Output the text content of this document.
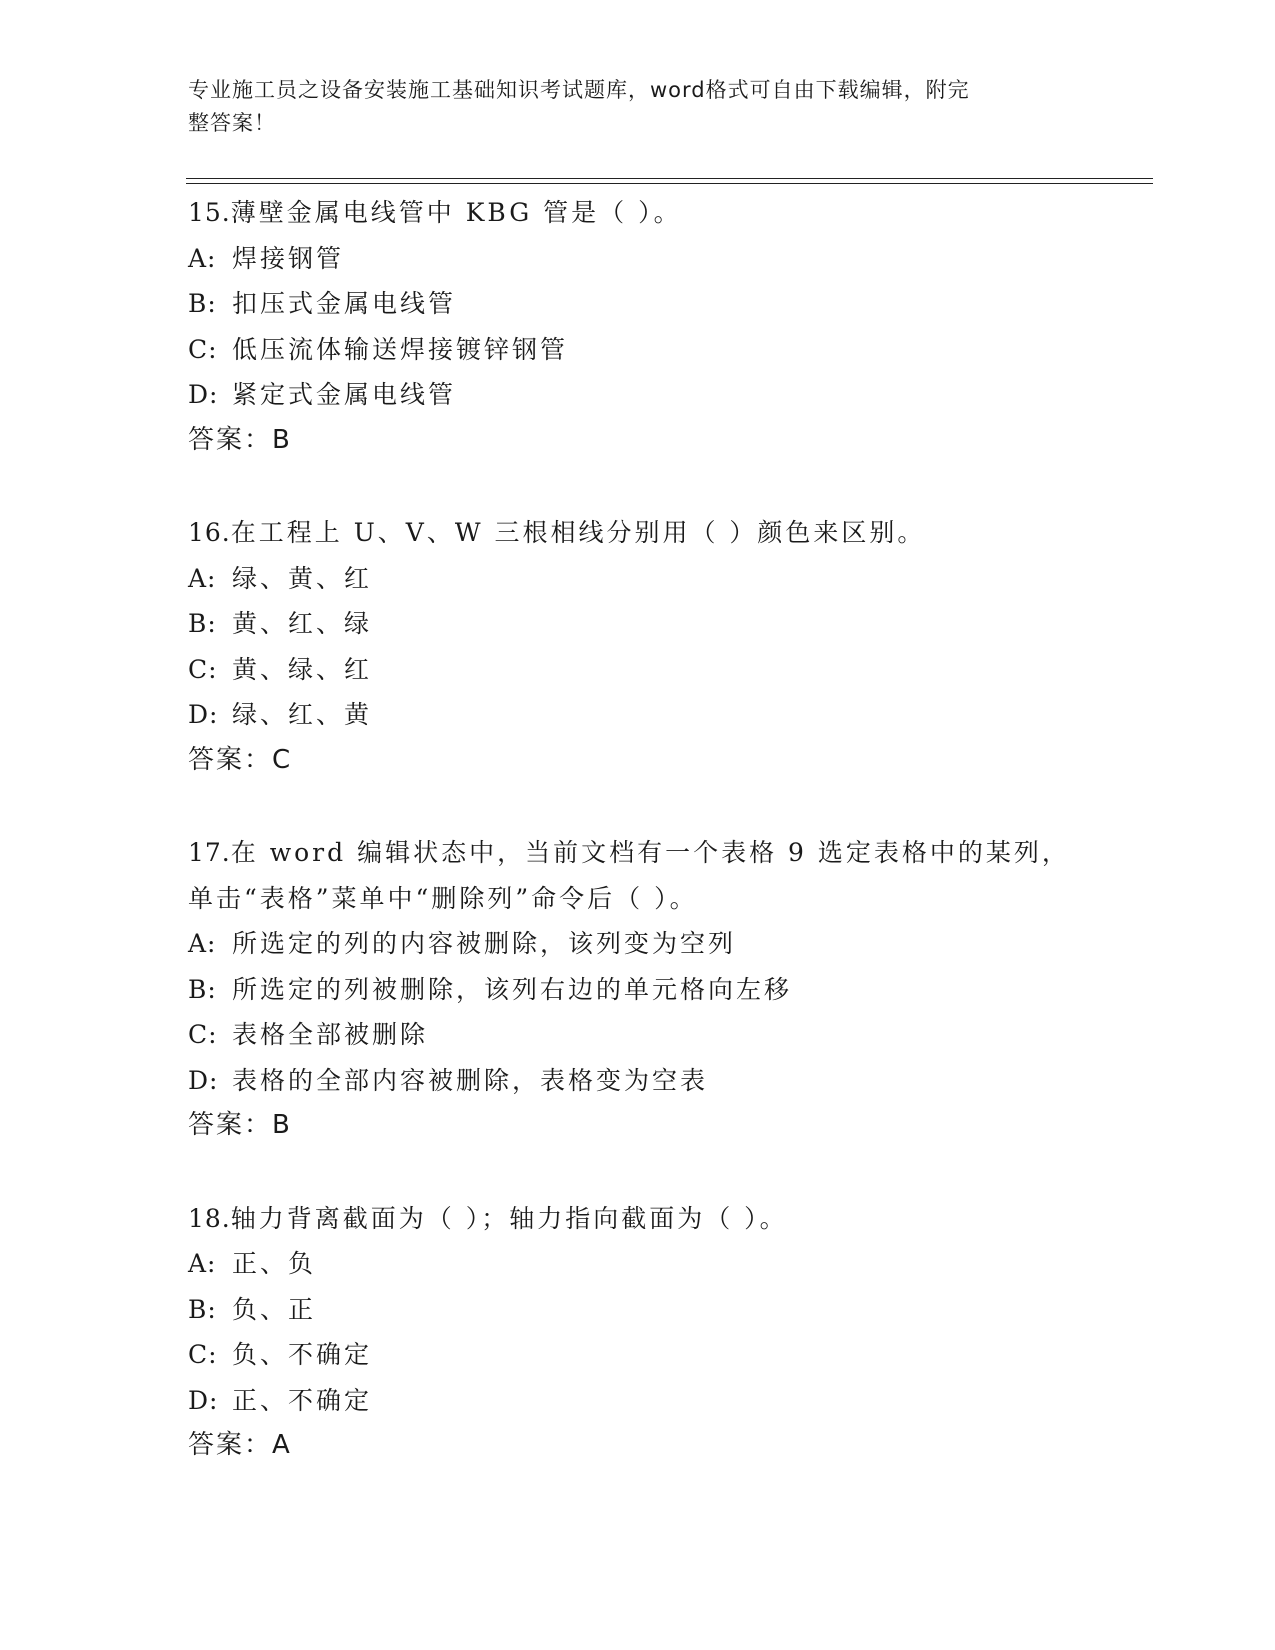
专业施工员之设备安装施工基础知识考试题库，word格式可自由下载编辑，附完
整答案！
15.薄壁金属电线管中 KBG 管是（ ）。
A: 焊接钢管
B: 扣压式金属电线管
C: 低压流体输送焊接镀锌钢管
D: 紧定式金属电线管
答案：B
16.在工程上 U、V、W 三根相线分别用（ ）颜色来区别。
A: 绿、黄、红
B: 黄、红、绿
C: 黄、绿、红
D: 绿、红、黄
答案：C
17.在 word 编辑状态中，当前文档有一个表格 9 选定表格中的某列，
单击“表格”菜单中“删除列”命令后（ ）。
A: 所选定的列的内容被删除，该列变为空列
B: 所选定的列被删除，该列右边的单元格向左移
C: 表格全部被删除
D: 表格的全部内容被删除，表格变为空表
答案：B
18.轴力背离截面为（ ）；轴力指向截面为（ ）。
A: 正、负
B: 负、正
C: 负、不确定
D: 正、不确定
答案：A
